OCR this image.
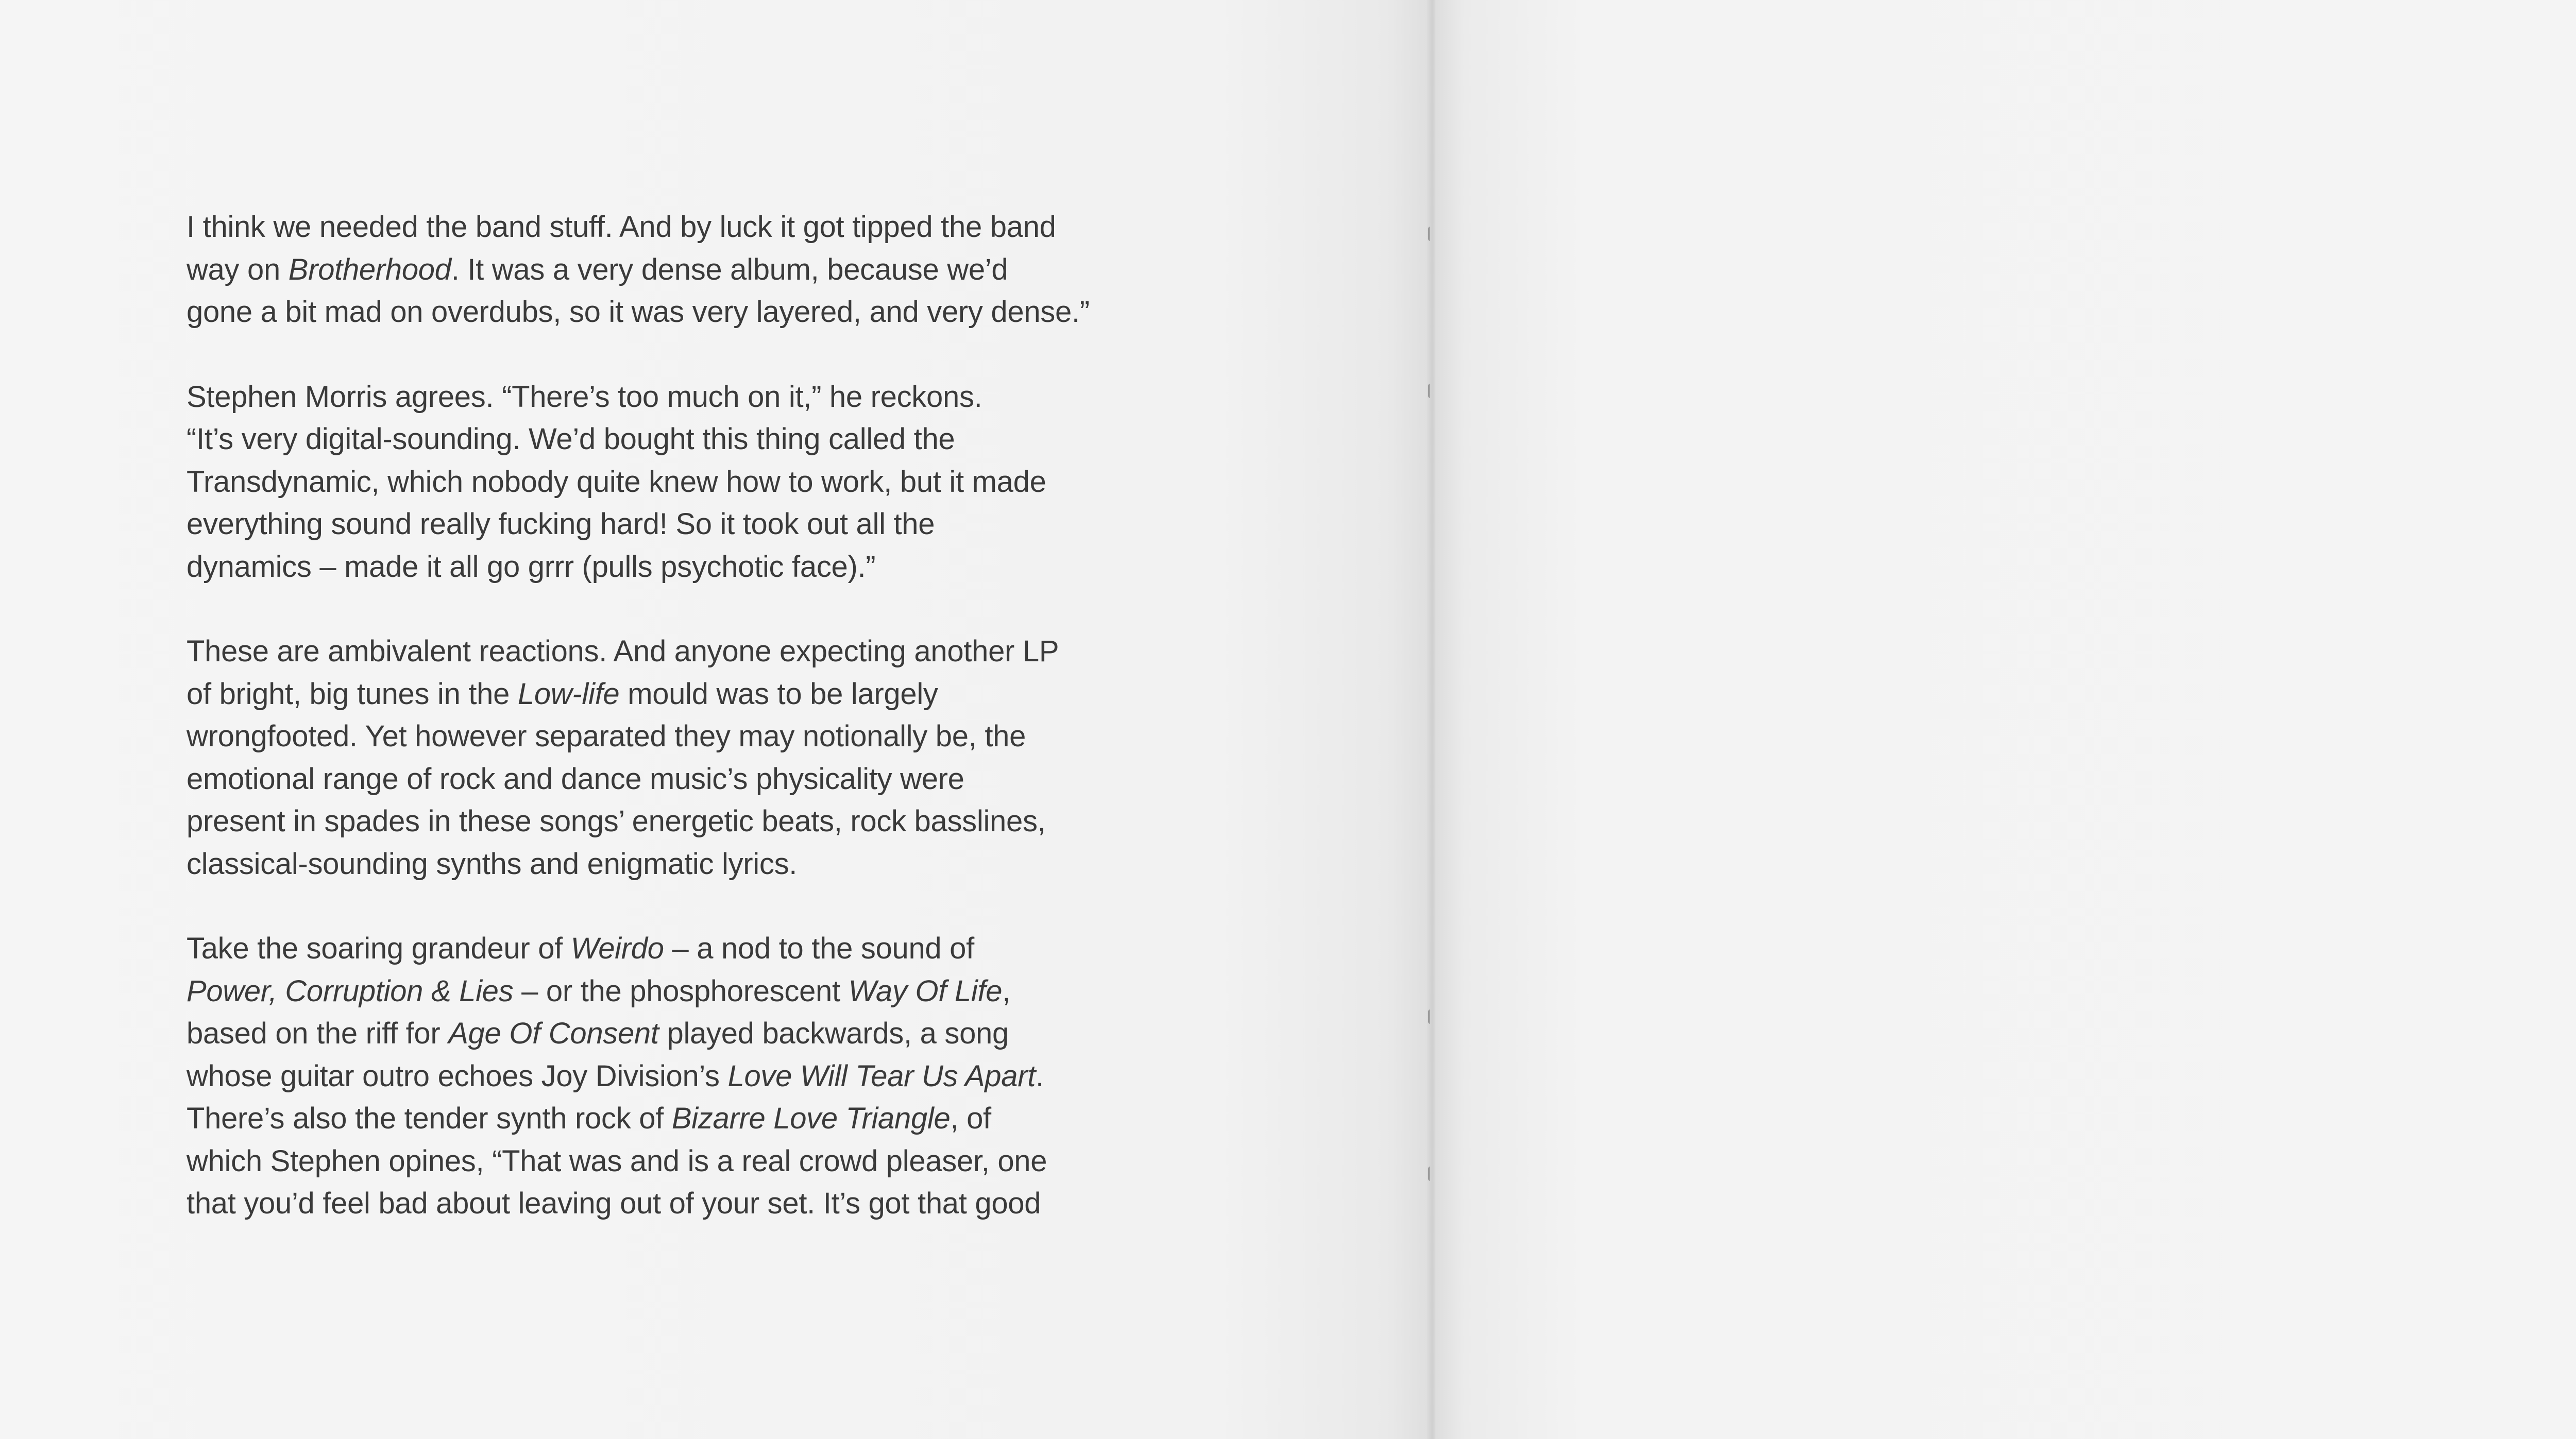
I think we needed the band stuff. And by luck it got tipped the band
way on Brotherhood. It was a very dense album, because we’d
gone a bit mad on overdubs, so it was very layered, and very dense.”

Stephen Morris agrees. “There’s too much on it,” he reckons.
“It’s very digital-sounding. We’d bought this thing called the
Transdynamic, which nobody quite knew how to work, but it made
everything sound really fucking hard! So it took out all the
dynamics – made it all go grrr (pulls psychotic face).”

These are ambivalent reactions. And anyone expecting another LP
of bright, big tunes in the Low-life mould was to be largely
wrongfooted. Yet however separated they may notionally be, the
emotional range of rock and dance music’s physicality were
present in spades in these songs’ energetic beats, rock basslines,
classical-sounding synths and enigmatic lyrics.

Take the soaring grandeur of Weirdo – a nod to the sound of
Power, Corruption & Lies – or the phosphorescent Way Of Life,
based on the riff for Age Of Consent played backwards, a song
whose guitar outro echoes Joy Division’s Love Will Tear Us Apart.
There’s also the tender synth rock of Bizarre Love Triangle, of
which Stephen opines, “That was and is a real crowd pleaser, one
that you’d feel bad about leaving out of your set. It’s got that good
